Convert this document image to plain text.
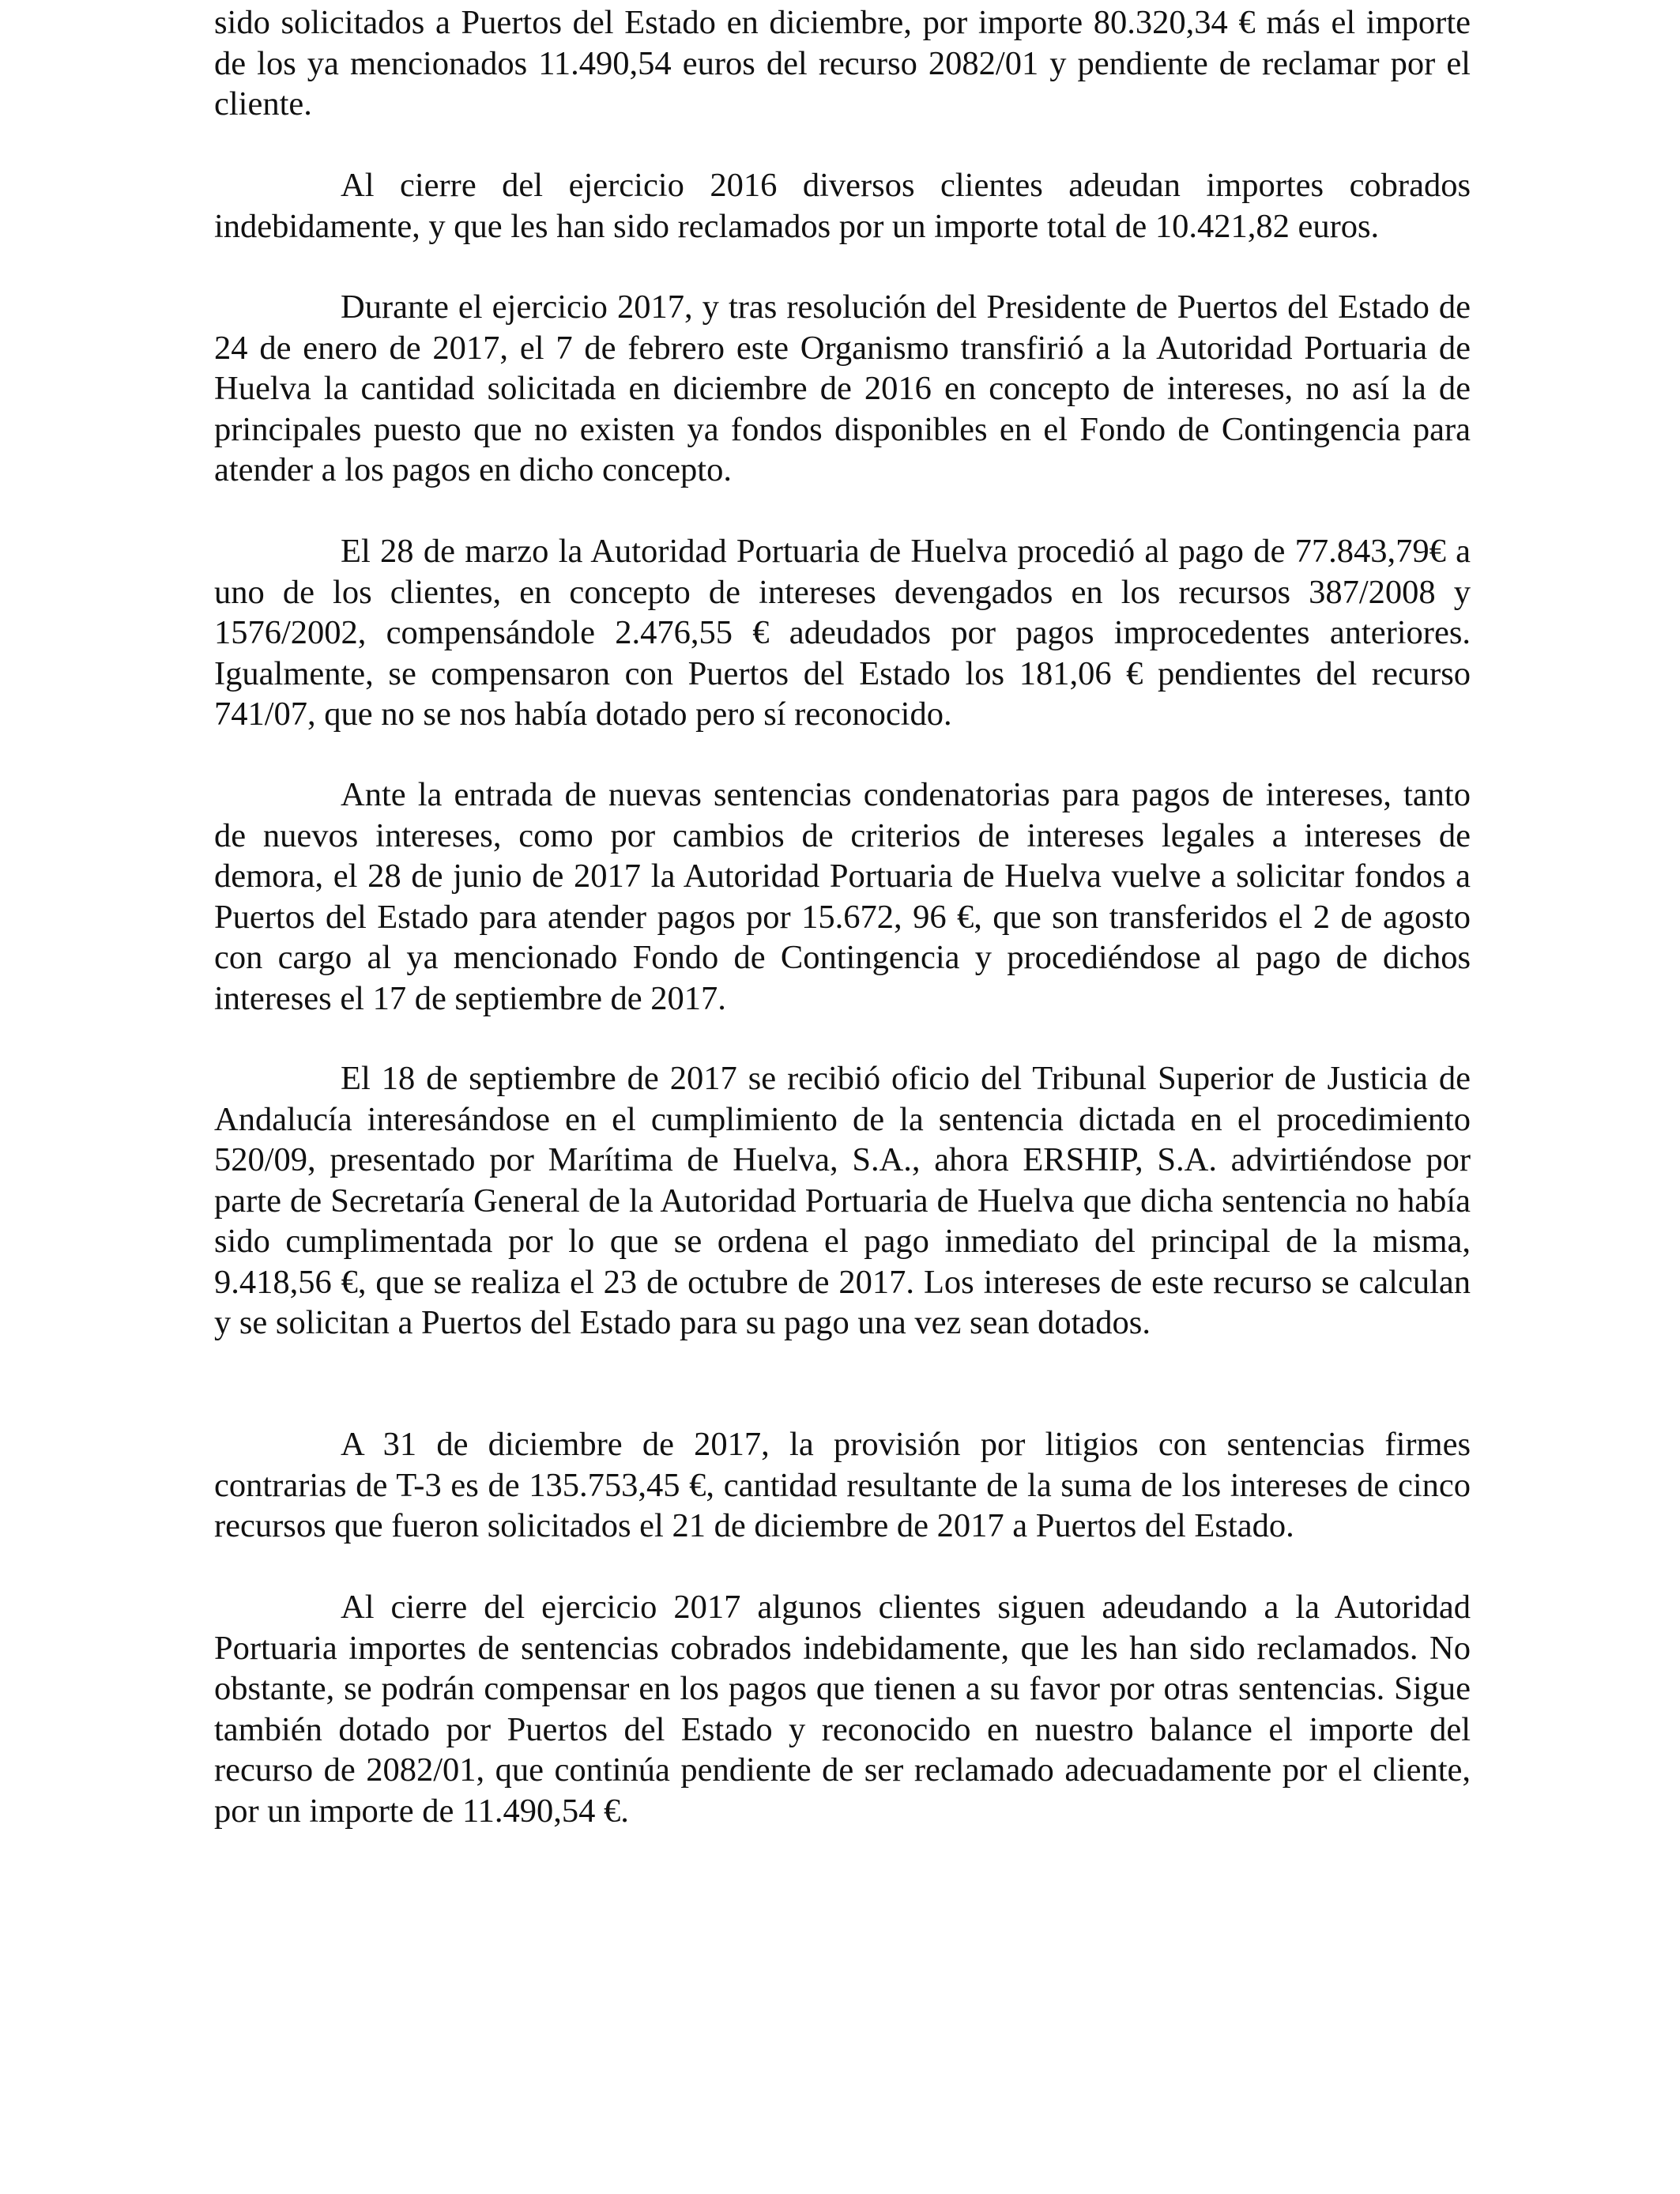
sido solicitados a Puertos del Estado en diciembre, por importe 80.320,34 € más el importe de los ya mencionados 11.490,54 euros del recurso 2082/01 y pendiente de reclamar por el cliente.

Al cierre del ejercicio 2016 diversos clientes adeudan importes cobrados indebidamente, y que les han sido reclamados por un importe total de 10.421,82 euros.

Durante el ejercicio 2017, y tras resolución del Presidente de Puertos del Estado de 24 de enero de 2017, el 7 de febrero este Organismo transfirió a la Autoridad Portuaria de Huelva la cantidad solicitada en diciembre de 2016 en concepto de intereses, no así la de principales puesto que no existen ya fondos disponibles en el Fondo de Contingencia para atender a los pagos en dicho concepto.

El 28 de marzo la Autoridad Portuaria de Huelva procedió al pago de 77.843,79€ a uno de los clientes, en concepto de intereses devengados en los recursos 387/2008 y 1576/2002, compensándole 2.476,55 € adeudados por pagos improcedentes anteriores. Igualmente, se compensaron con Puertos del Estado los 181,06 € pendientes del recurso 741/07, que no se nos había dotado pero sí reconocido.

Ante la entrada de nuevas sentencias condenatorias para pagos de intereses, tanto de nuevos intereses, como por cambios de criterios de intereses legales a intereses de demora, el 28 de junio de 2017 la Autoridad Portuaria de Huelva vuelve a solicitar fondos a Puertos del Estado para atender pagos por 15.672, 96 €, que son transferidos el 2 de agosto con cargo al ya mencionado Fondo de Contingencia y procediéndose al pago de dichos intereses el 17 de septiembre de 2017.

El 18 de septiembre de 2017 se recibió oficio del Tribunal Superior de Justicia de Andalucía interesándose en el cumplimiento de la sentencia dictada en el procedimiento 520/09, presentado por Marítima de Huelva, S.A., ahora ERSHIP, S.A. advirtiéndose por parte de Secretaría General de la Autoridad Portuaria de Huelva que dicha sentencia no había sido cumplimentada por lo que se ordena el pago inmediato del principal de la misma, 9.418,56 €, que se realiza el 23 de octubre de 2017. Los intereses de este recurso se calculan y se solicitan a Puertos del Estado para su pago una vez sean dotados.

A 31 de diciembre de 2017, la provisión por litigios con sentencias firmes contrarias de T-3 es de 135.753,45 €, cantidad resultante de la suma de los intereses de cinco recursos que fueron solicitados el 21 de diciembre de 2017 a Puertos del Estado.

Al cierre del ejercicio 2017 algunos clientes siguen adeudando a la Autoridad Portuaria importes de sentencias cobrados indebidamente, que les han sido reclamados. No obstante, se podrán compensar en los pagos que tienen a su favor por otras sentencias. Sigue también dotado por Puertos del Estado y reconocido en nuestro balance el importe del recurso de 2082/01, que continúa pendiente de ser reclamado adecuadamente por el cliente, por un importe de 11.490,54 €.
